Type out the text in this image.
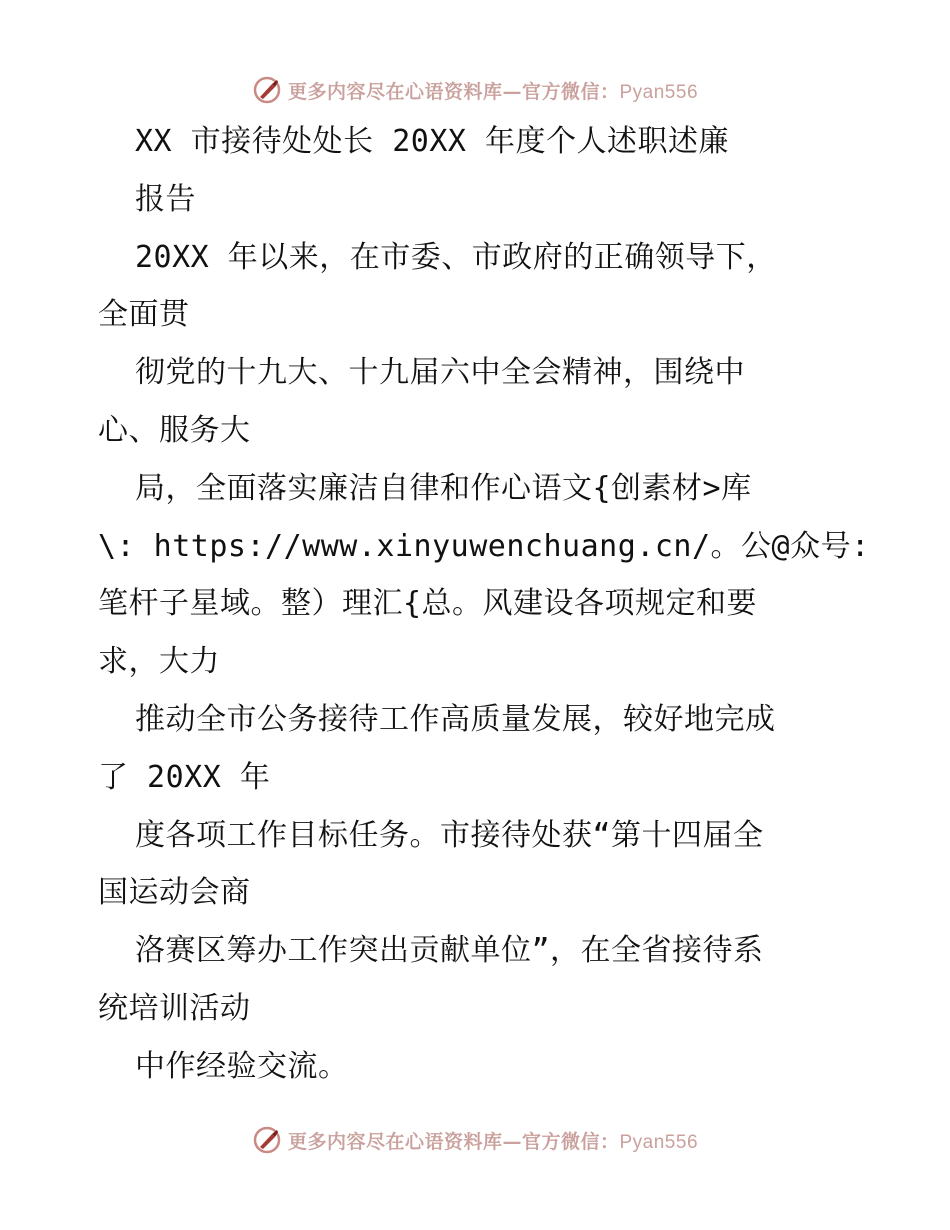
更多内容尽在心语资料库—官方微信：Pyan556
XX 市接待处处长 20XX 年度个人述职述廉
报告
20XX 年以来，在市委、市政府的正确领导下，
全面贯
彻党的十九大、十九届六中全会精神，围绕中
心、服务大
局，全面落实廉洁自律和作心语文{创素材>库
\: https://www.xinyuwenchuang.cn/。公@众号:
笔杆子星域。整）理汇{总。风建设各项规定和要
求，大力
推动全市公务接待工作高质量发展，较好地完成
了 20XX 年
度各项工作目标任务。市接待处获“第十四届全
国运动会商
洛赛区筹办工作突出贡献单位”，在全省接待系
统培训活动
中作经验交流。
更多内容尽在心语资料库—官方微信：Pyan556
